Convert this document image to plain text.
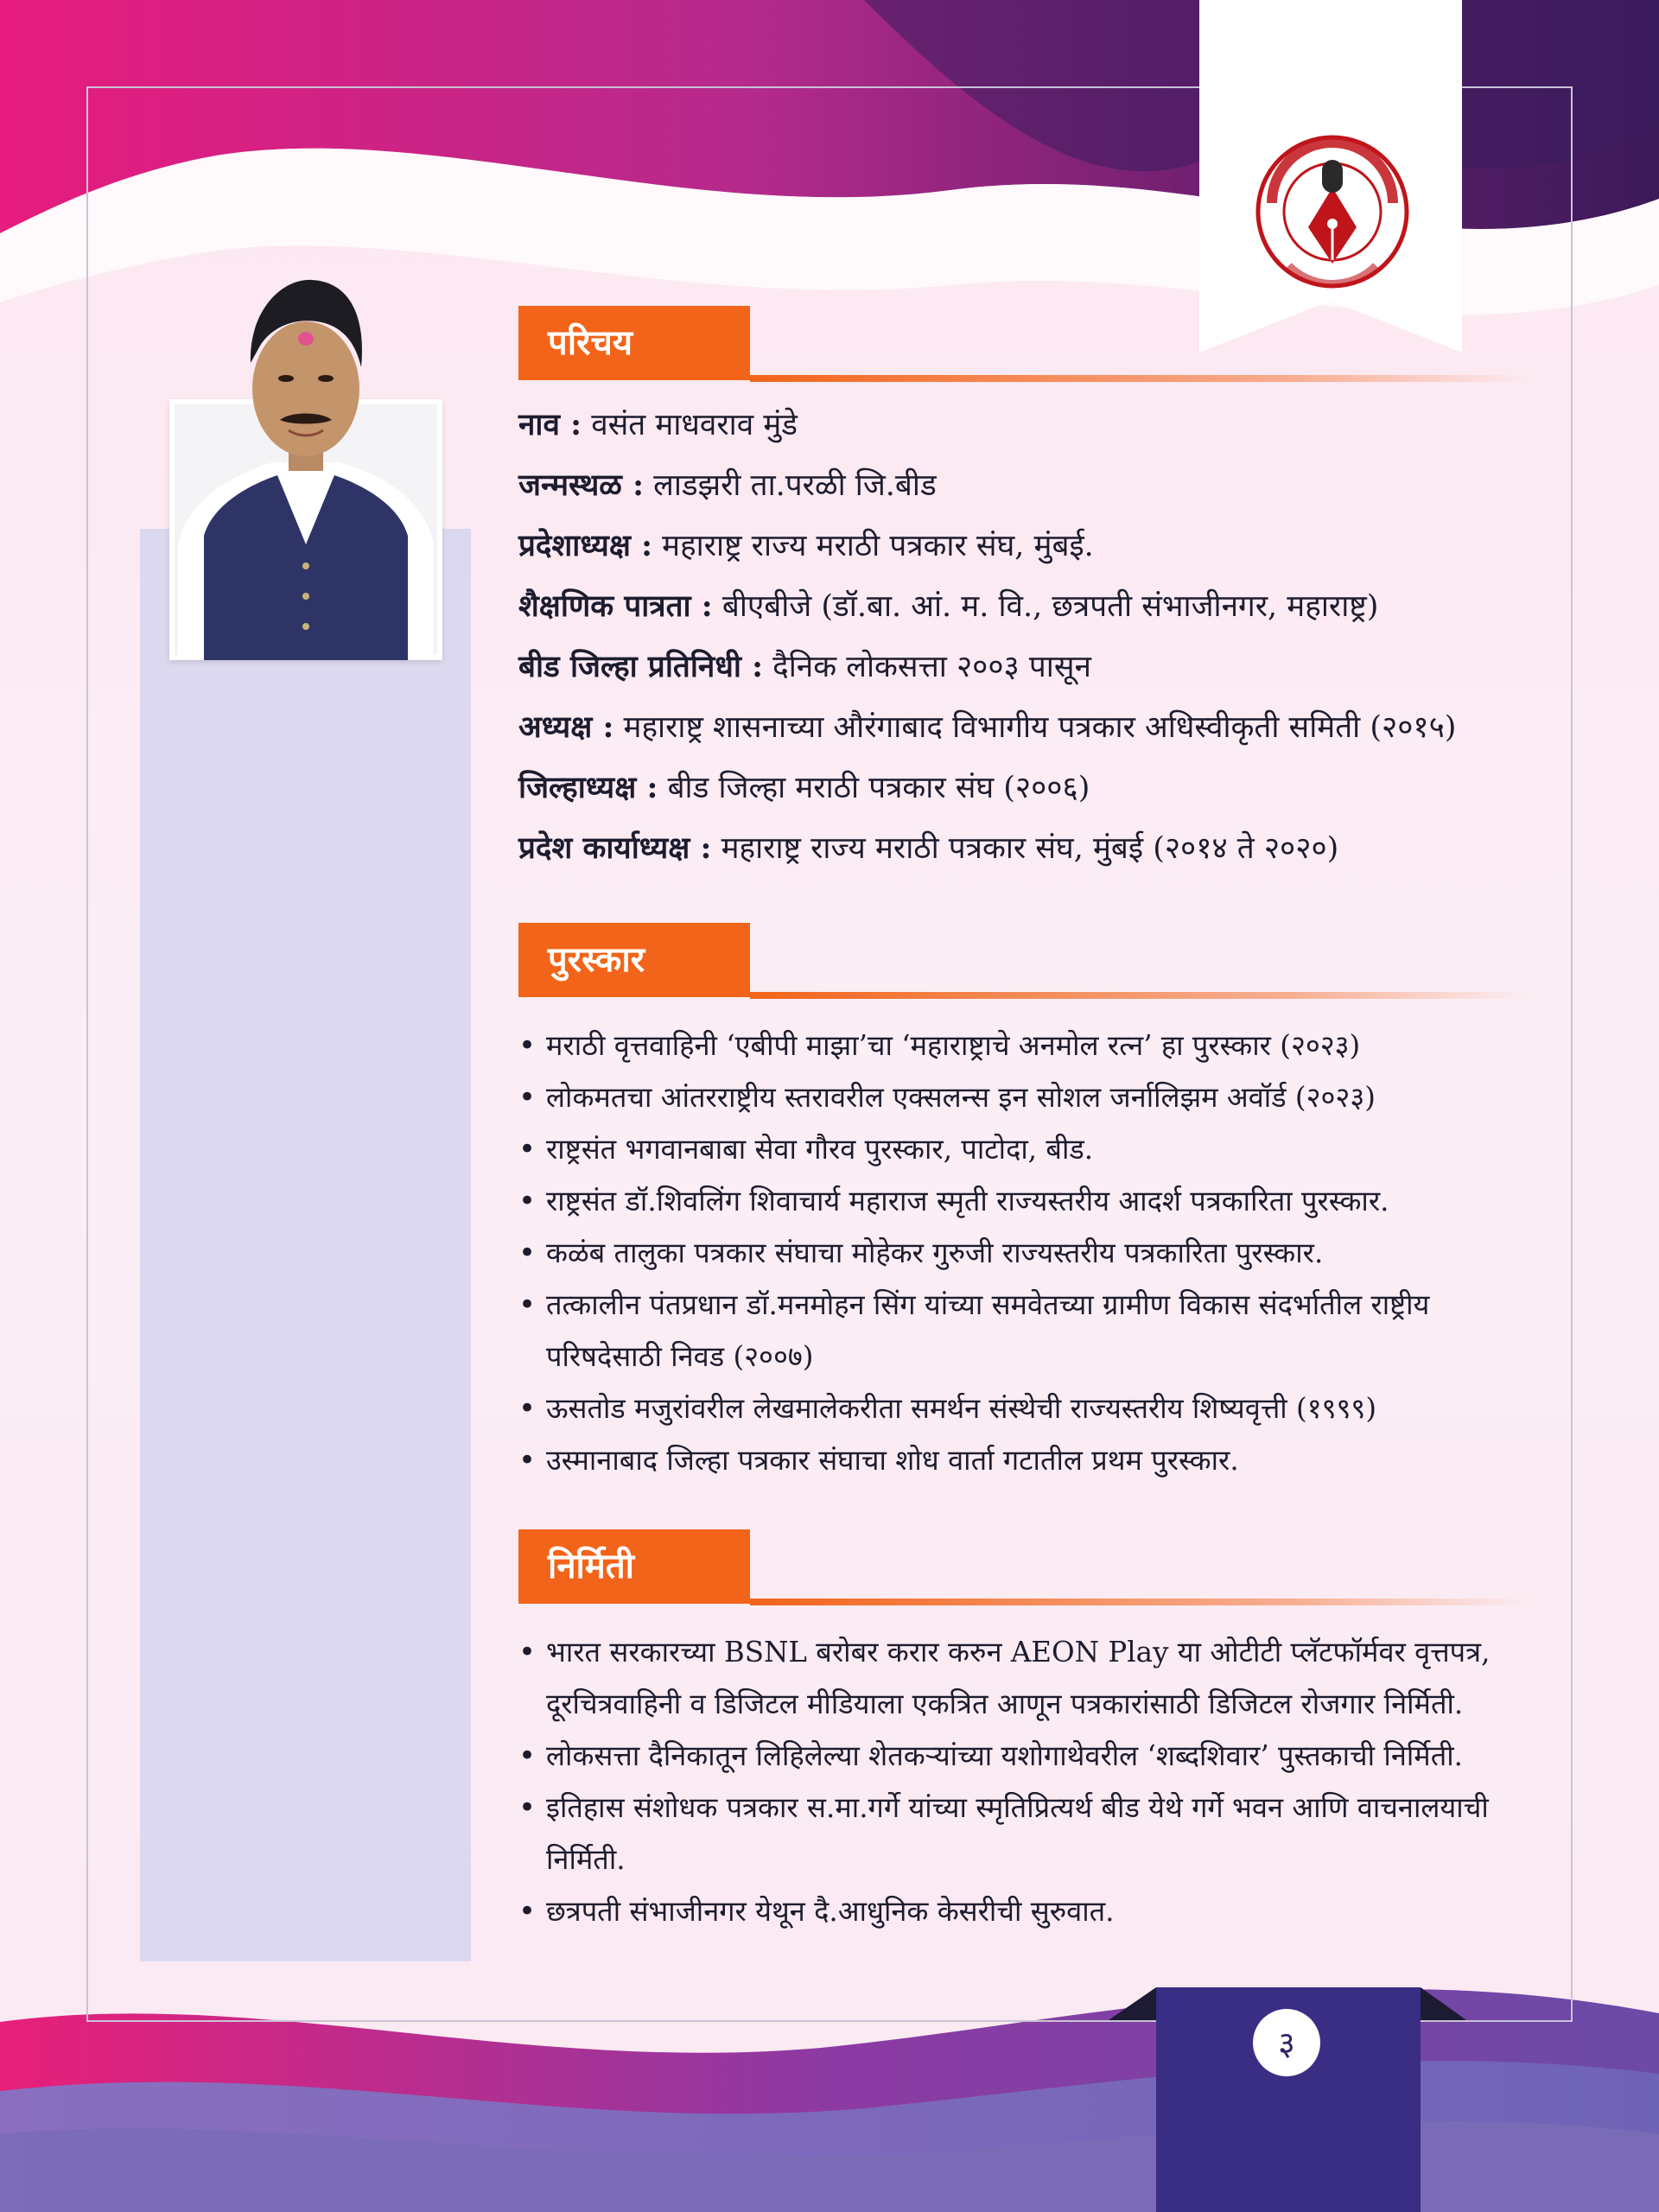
परिचय
नाव : वसंत माधवराव मुंडे
जन्मस्थळ : लाडझरी ता.परळी जि.बीड
प्रदेशाध्यक्ष : महाराष्ट्र राज्य मराठी पत्रकार संघ, मुंबई.
शैक्षणिक पात्रता : बीएबीजे (डॉ.बा. आं. म. वि., छत्रपती संभाजीनगर, महाराष्ट्र)
बीड जिल्हा प्रतिनिधी : दैनिक लोकसत्ता २००३ पासून
अध्यक्ष : महाराष्ट्र शासनाच्या औरंगाबाद विभागीय पत्रकार अधिस्वीकृती समिती (२०१५)
जिल्हाध्यक्ष : बीड जिल्हा मराठी पत्रकार संघ (२००६)
प्रदेश कार्याध्यक्ष : महाराष्ट्र राज्य मराठी पत्रकार संघ, मुंबई (२०१४ ते २०२०)
पुरस्कार
• मराठी वृत्तवाहिनी ‘एबीपी माझा’चा ‘महाराष्ट्राचे अनमोल रत्न’ हा पुरस्कार (२०२३)
• लोकमतचा आंतरराष्ट्रीय स्तरावरील एक्सलन्स इन सोशल जर्नालिझम अवॉर्ड (२०२३)
• राष्ट्रसंत भगवानबाबा सेवा गौरव पुरस्कार, पाटोदा, बीड.
• राष्ट्रसंत डॉ.शिवलिंग शिवाचार्य महाराज स्मृती राज्यस्तरीय आदर्श पत्रकारिता पुरस्कार.
• कळंब तालुका पत्रकार संघाचा मोहेकर गुरुजी राज्यस्तरीय पत्रकारिता पुरस्कार.
• तत्कालीन पंतप्रधान डॉ.मनमोहन सिंग यांच्या समवेतच्या ग्रामीण विकास संदर्भातील राष्ट्रीय परिषदेसाठी निवड (२००७)
• ऊसतोड मजुरांवरील लेखमालेकरीता समर्थन संस्थेची राज्यस्तरीय शिष्यवृत्ती (१९९९)
• उस्मानाबाद जिल्हा पत्रकार संघाचा शोध वार्ता गटातील प्रथम पुरस्कार.
निर्मिती
• भारत सरकारच्या BSNL बरोबर करार करुन AEON Play या ओटीटी प्लॅटफॉर्मवर वृत्तपत्र, दूरचित्रवाहिनी व डिजिटल मीडियाला एकत्रित आणून पत्रकारांसाठी डिजिटल रोजगार निर्मिती.
• लोकसत्ता दैनिकातून लिहिलेल्या शेतकऱ्यांच्या यशोगाथेवरील ‘शब्दशिवार’ पुस्तकाची निर्मिती.
• इतिहास संशोधक पत्रकार स.मा.गर्गे यांच्या स्मृतिप्रित्यर्थ बीड येथे गर्गे भवन आणि वाचनालयाची निर्मिती.
• छत्रपती संभाजीनगर येथून दै.आधुनिक केसरीची सुरुवात.
३
